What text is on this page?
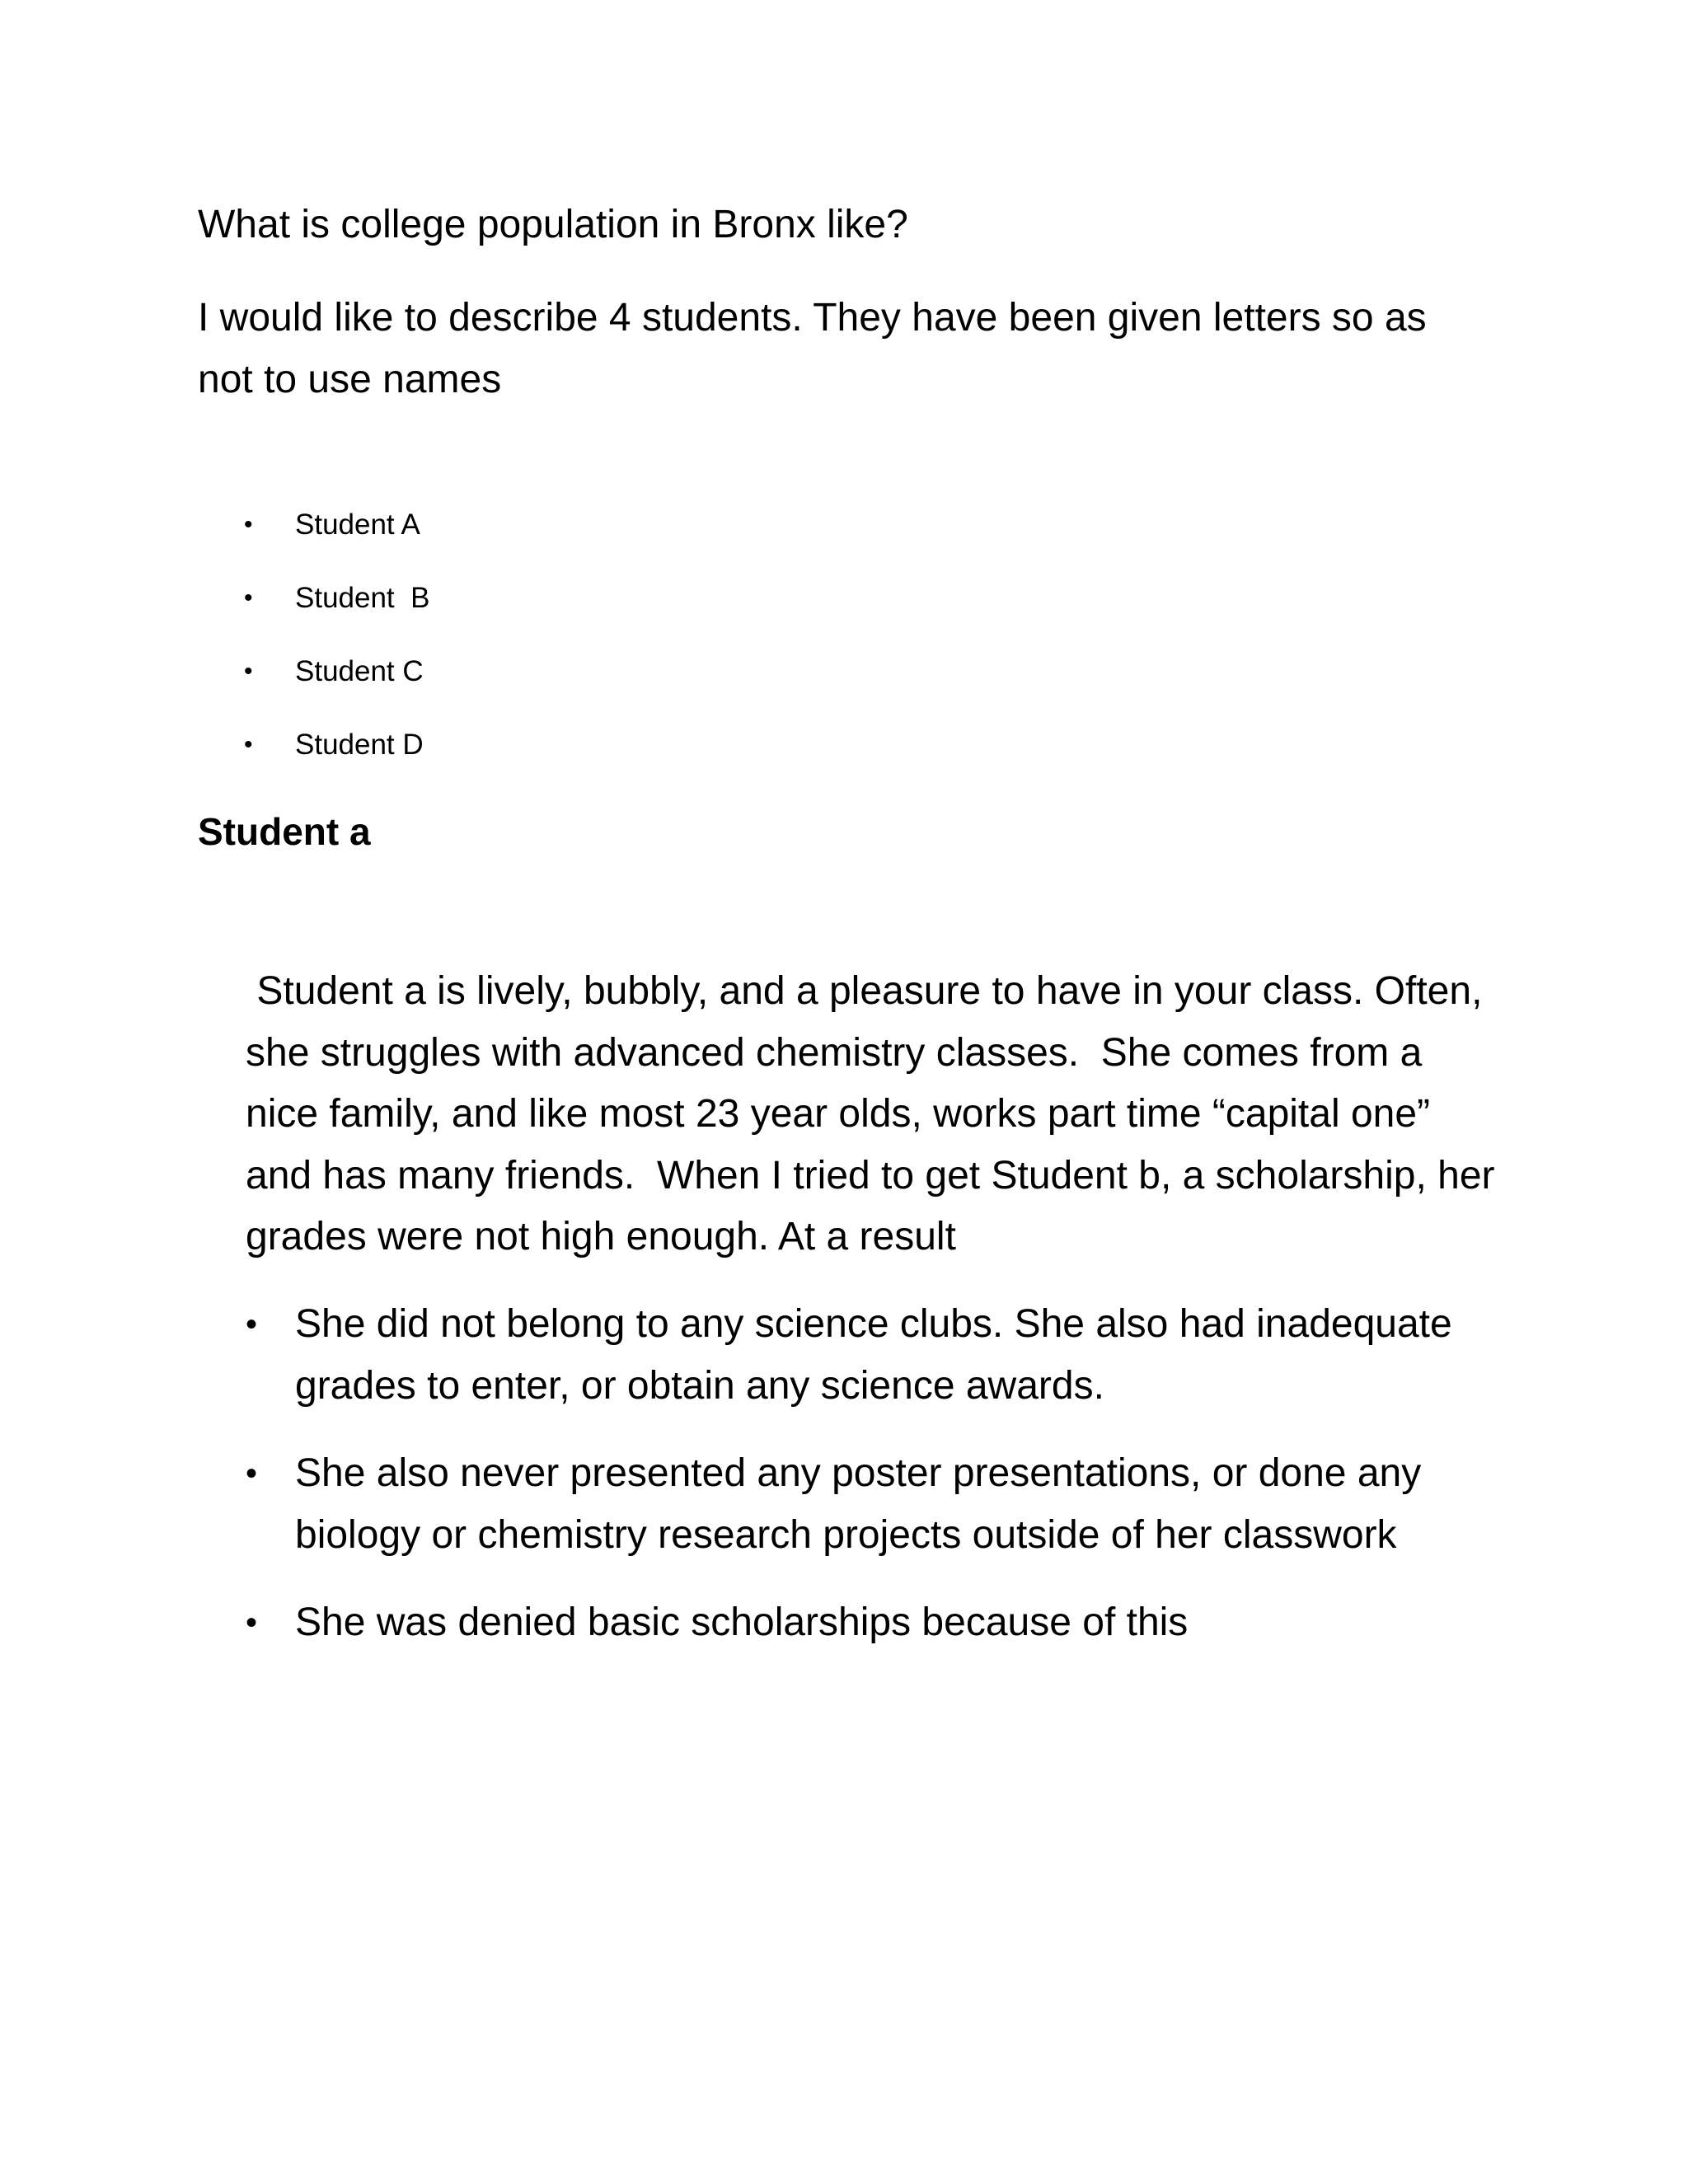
What is college population in Bronx like?

I would like to describe 4 students. They have been given letters so as not to use names

• Student A
• Student  B
• Student C
• Student D
Student a

Student a is lively, bubbly, and a pleasure to have in your class. Often, she struggles with advanced chemistry classes.  She comes from a nice family, and like most 23 year olds, works part time “capital one” and has many friends.  When I tried to get Student b, a scholarship, her grades were not high enough. At a result

• She did not belong to any science clubs. She also had inadequate grades to enter, or obtain any science awards.
• She also never presented any poster presentations, or done any biology or chemistry research projects outside of her classwork
• She was denied basic scholarships because of this
